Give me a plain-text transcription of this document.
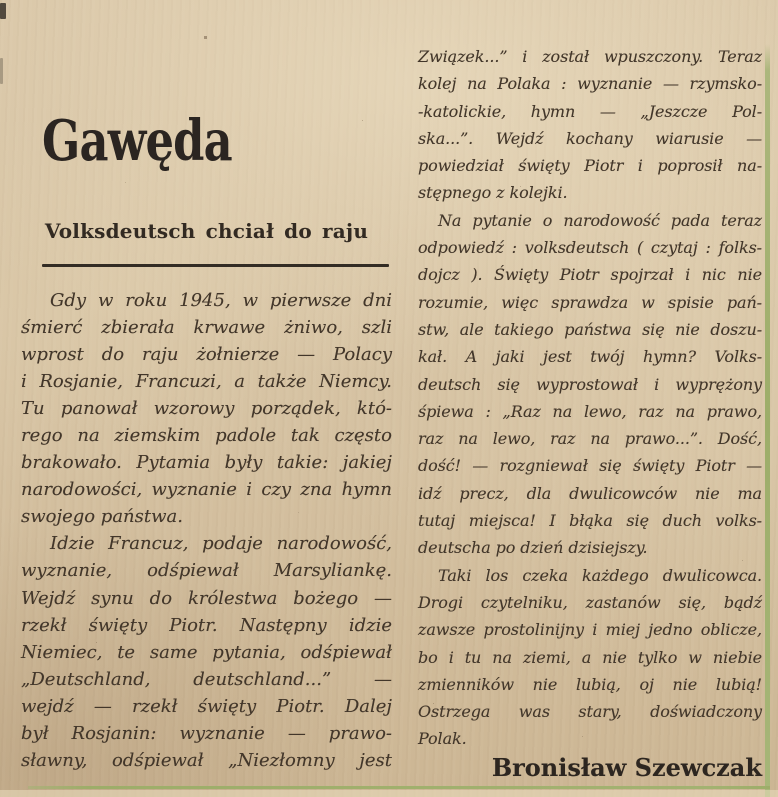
Gawęda
Volksdeutsch chciał do raju
Gdy w roku 1945, w pierwsze dni
śmierć zbierała krwawe żniwo, szli
wprost do raju żołnierze — Polacy
i Rosjanie, Francuzi, a także Niemcy.
Tu panował wzorowy porządek, któ-
rego na ziemskim padole tak często
brakowało. Pytamia były takie: jakiej
narodowości, wyznanie i czy zna hymn
swojego państwa.
Idzie Francuz, podaje narodowość,
wyznanie, odśpiewał Marsyliankę.
Wejdź synu do królestwa bożego —
rzekł święty Piotr. Następny idzie
Niemiec, te same pytania, odśpiewał
„Deutschland, deutschland...” —
wejdź — rzekł święty Piotr. Dalej
był Rosjanin: wyznanie — prawo-
sławny, odśpiewał „Niezłomny jest
Związek...” i został wpuszczony. Teraz
kolej na Polaka : wyznanie — rzymsko-
-katolickie, hymn — „Jeszcze Pol-
ska...”. Wejdź kochany wiarusie —
powiedział święty Piotr i poprosił na-
stępnego z kolejki.
Na pytanie o narodowość pada teraz
odpowiedź : volksdeutsch ( czytaj : folks-
dojcz ). Święty Piotr spojrzał i nic nie
rozumie, więc sprawdza w spisie pań-
stw, ale takiego państwa się nie doszu-
kał. A jaki jest twój hymn? Volks-
deutsch się wyprostował i wyprężony
śpiewa : „Raz na lewo, raz na prawo,
raz na lewo, raz na prawo...”. Dość,
dość! — rozgniewał się święty Piotr —
idź precz, dla dwulicowców nie ma
tutaj miejsca! I błąka się duch volks-
deutscha po dzień dzisiejszy.
Taki los czeka każdego dwulicowca.
Drogi czytelniku, zastanów się, bądź
zawsze prostolinijny i miej jedno oblicze,
bo i tu na ziemi, a nie tylko w niebie
zmienników nie lubią, oj nie lubią!
Ostrzega was stary, doświadczony
Polak.
Bronisław Szewczak
